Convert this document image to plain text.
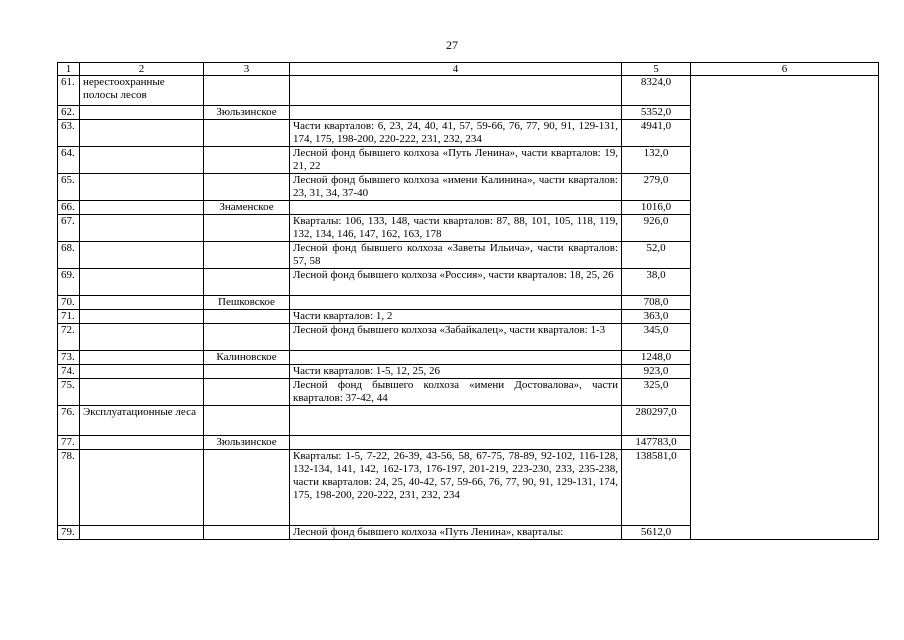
27
1	2	3	4	5	6
61.	нерестоохранные полосы лесов			8324,0	
62.		Зюльзинское		5352,0	
63.			Части кварталов: 6, 23, 24, 40, 41, 57, 59-66, 76, 77, 90, 91, 129-131, 174, 175, 198-200, 220-222, 231, 232, 234	4941,0	
64.			Лесной фонд бывшего колхоза «Путь Ленина», части кварталов: 19, 21, 22	132,0	
65.			Лесной фонд бывшего колхоза «имени Калинина», части кварталов: 23, 31, 34, 37-40	279,0	
66.		Знаменское		1016,0	
67.			Кварталы: 106, 133, 148, части кварталов: 87, 88, 101, 105, 118, 119, 132, 134, 146, 147, 162, 163, 178	926,0	
68.			Лесной фонд бывшего колхоза «Заветы Ильича», части кварталов: 57, 58	52,0	
69.			Лесной фонд бывшего колхоза «Россия», части кварталов: 18, 25, 26	38,0	
70.		Пешковское		708,0	
71.			Части кварталов: 1, 2	363,0	
72.			Лесной фонд бывшего колхоза «Забайкалец», части кварталов: 1-3	345,0	
73.		Калиновское		1248,0	
74.			Части кварталов: 1-5, 12, 25, 26	923,0	
75.			Лесной фонд бывшего колхоза «имени Достовалова», части кварталов: 37-42, 44	325,0	
76.	Эксплуатационные леса			280297,0	
77.		Зюльзинское		147783,0	
78.			Кварталы: 1-5, 7-22, 26-39, 43-56, 58, 67-75, 78-89, 92-102, 116-128, 132-134, 141, 142, 162-173, 176-197, 201-219, 223-230, 233, 235-238, части кварталов: 24, 25, 40-42, 57, 59-66, 76, 77, 90, 91, 129-131, 174, 175, 198-200, 220-222, 231, 232, 234	138581,0	
79.			Лесной фонд бывшего колхоза «Путь Ленина», кварталы:	5612,0	
